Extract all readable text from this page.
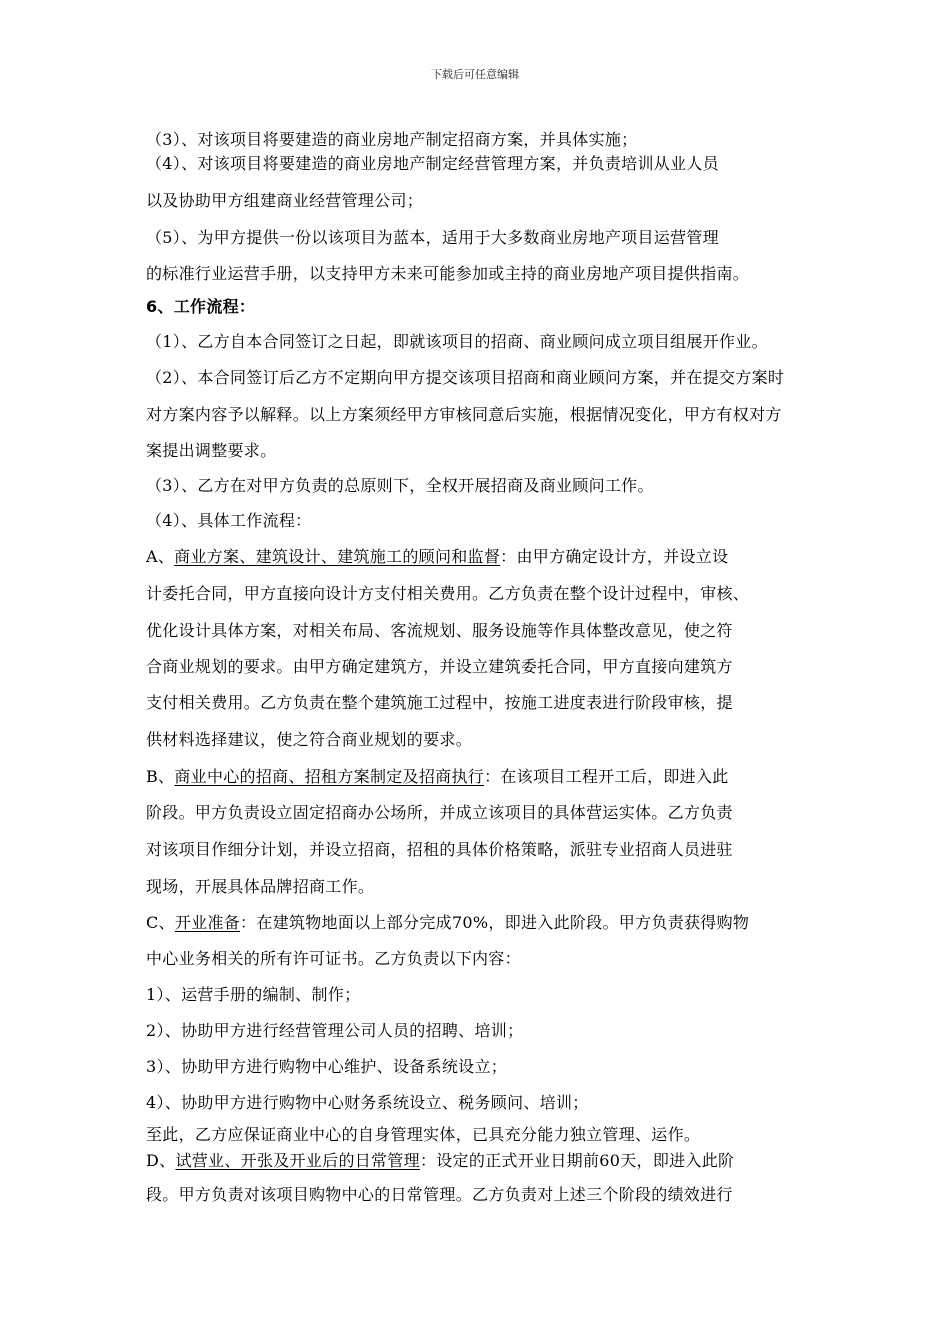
下载后可任意编辑
（3）、对该项目将要建造的商业房地产制定招商方案，并具体实施；
（4）、对该项目将要建造的商业房地产制定经营管理方案，并负责培训从业人员
以及协助甲方组建商业经营管理公司；
（5）、为甲方提供一份以该项目为蓝本，适用于大多数商业房地产项目运营管理
的标准行业运营手册，以支持甲方未来可能参加或主持的商业房地产项目提供指南。
6、工作流程：
（1）、乙方自本合同签订之日起，即就该项目的招商、商业顾问成立项目组展开作业。
（2）、本合同签订后乙方不定期向甲方提交该项目招商和商业顾问方案，并在提交方案时
对方案内容予以解释。以上方案须经甲方审核同意后实施，根据情况变化，甲方有权对方
案提出调整要求。
（3）、乙方在对甲方负责的总原则下，全权开展招商及商业顾问工作。
（4）、具体工作流程：
A、商业方案、建筑设计、建筑施工的顾问和监督：由甲方确定设计方，并设立设
计委托合同，甲方直接向设计方支付相关费用。乙方负责在整个设计过程中，审核、
优化设计具体方案，对相关布局、客流规划、服务设施等作具体整改意见，使之符
合商业规划的要求。由甲方确定建筑方，并设立建筑委托合同，甲方直接向建筑方
支付相关费用。乙方负责在整个建筑施工过程中，按施工进度表进行阶段审核，提
供材料选择建议，使之符合商业规划的要求。
B、商业中心的招商、招租方案制定及招商执行：在该项目工程开工后，即进入此
阶段。甲方负责设立固定招商办公场所，并成立该项目的具体营运实体。乙方负责
对该项目作细分计划，并设立招商，招租的具体价格策略，派驻专业招商人员进驻
现场，开展具体品牌招商工作。
C、开业准备：在建筑物地面以上部分完成70%，即进入此阶段。甲方负责获得购物
中心业务相关的所有许可证书。乙方负责以下内容：
1）、运营手册的编制、制作；
2）、协助甲方进行经营管理公司人员的招聘、培训；
3）、协助甲方进行购物中心维护、设备系统设立；
4）、协助甲方进行购物中心财务系统设立、税务顾问、培训；
至此，乙方应保证商业中心的自身管理实体，已具充分能力独立管理、运作。
D、试营业、开张及开业后的日常管理：设定的正式开业日期前60天，即进入此阶
段。甲方负责对该项目购物中心的日常管理。乙方负责对上述三个阶段的绩效进行
